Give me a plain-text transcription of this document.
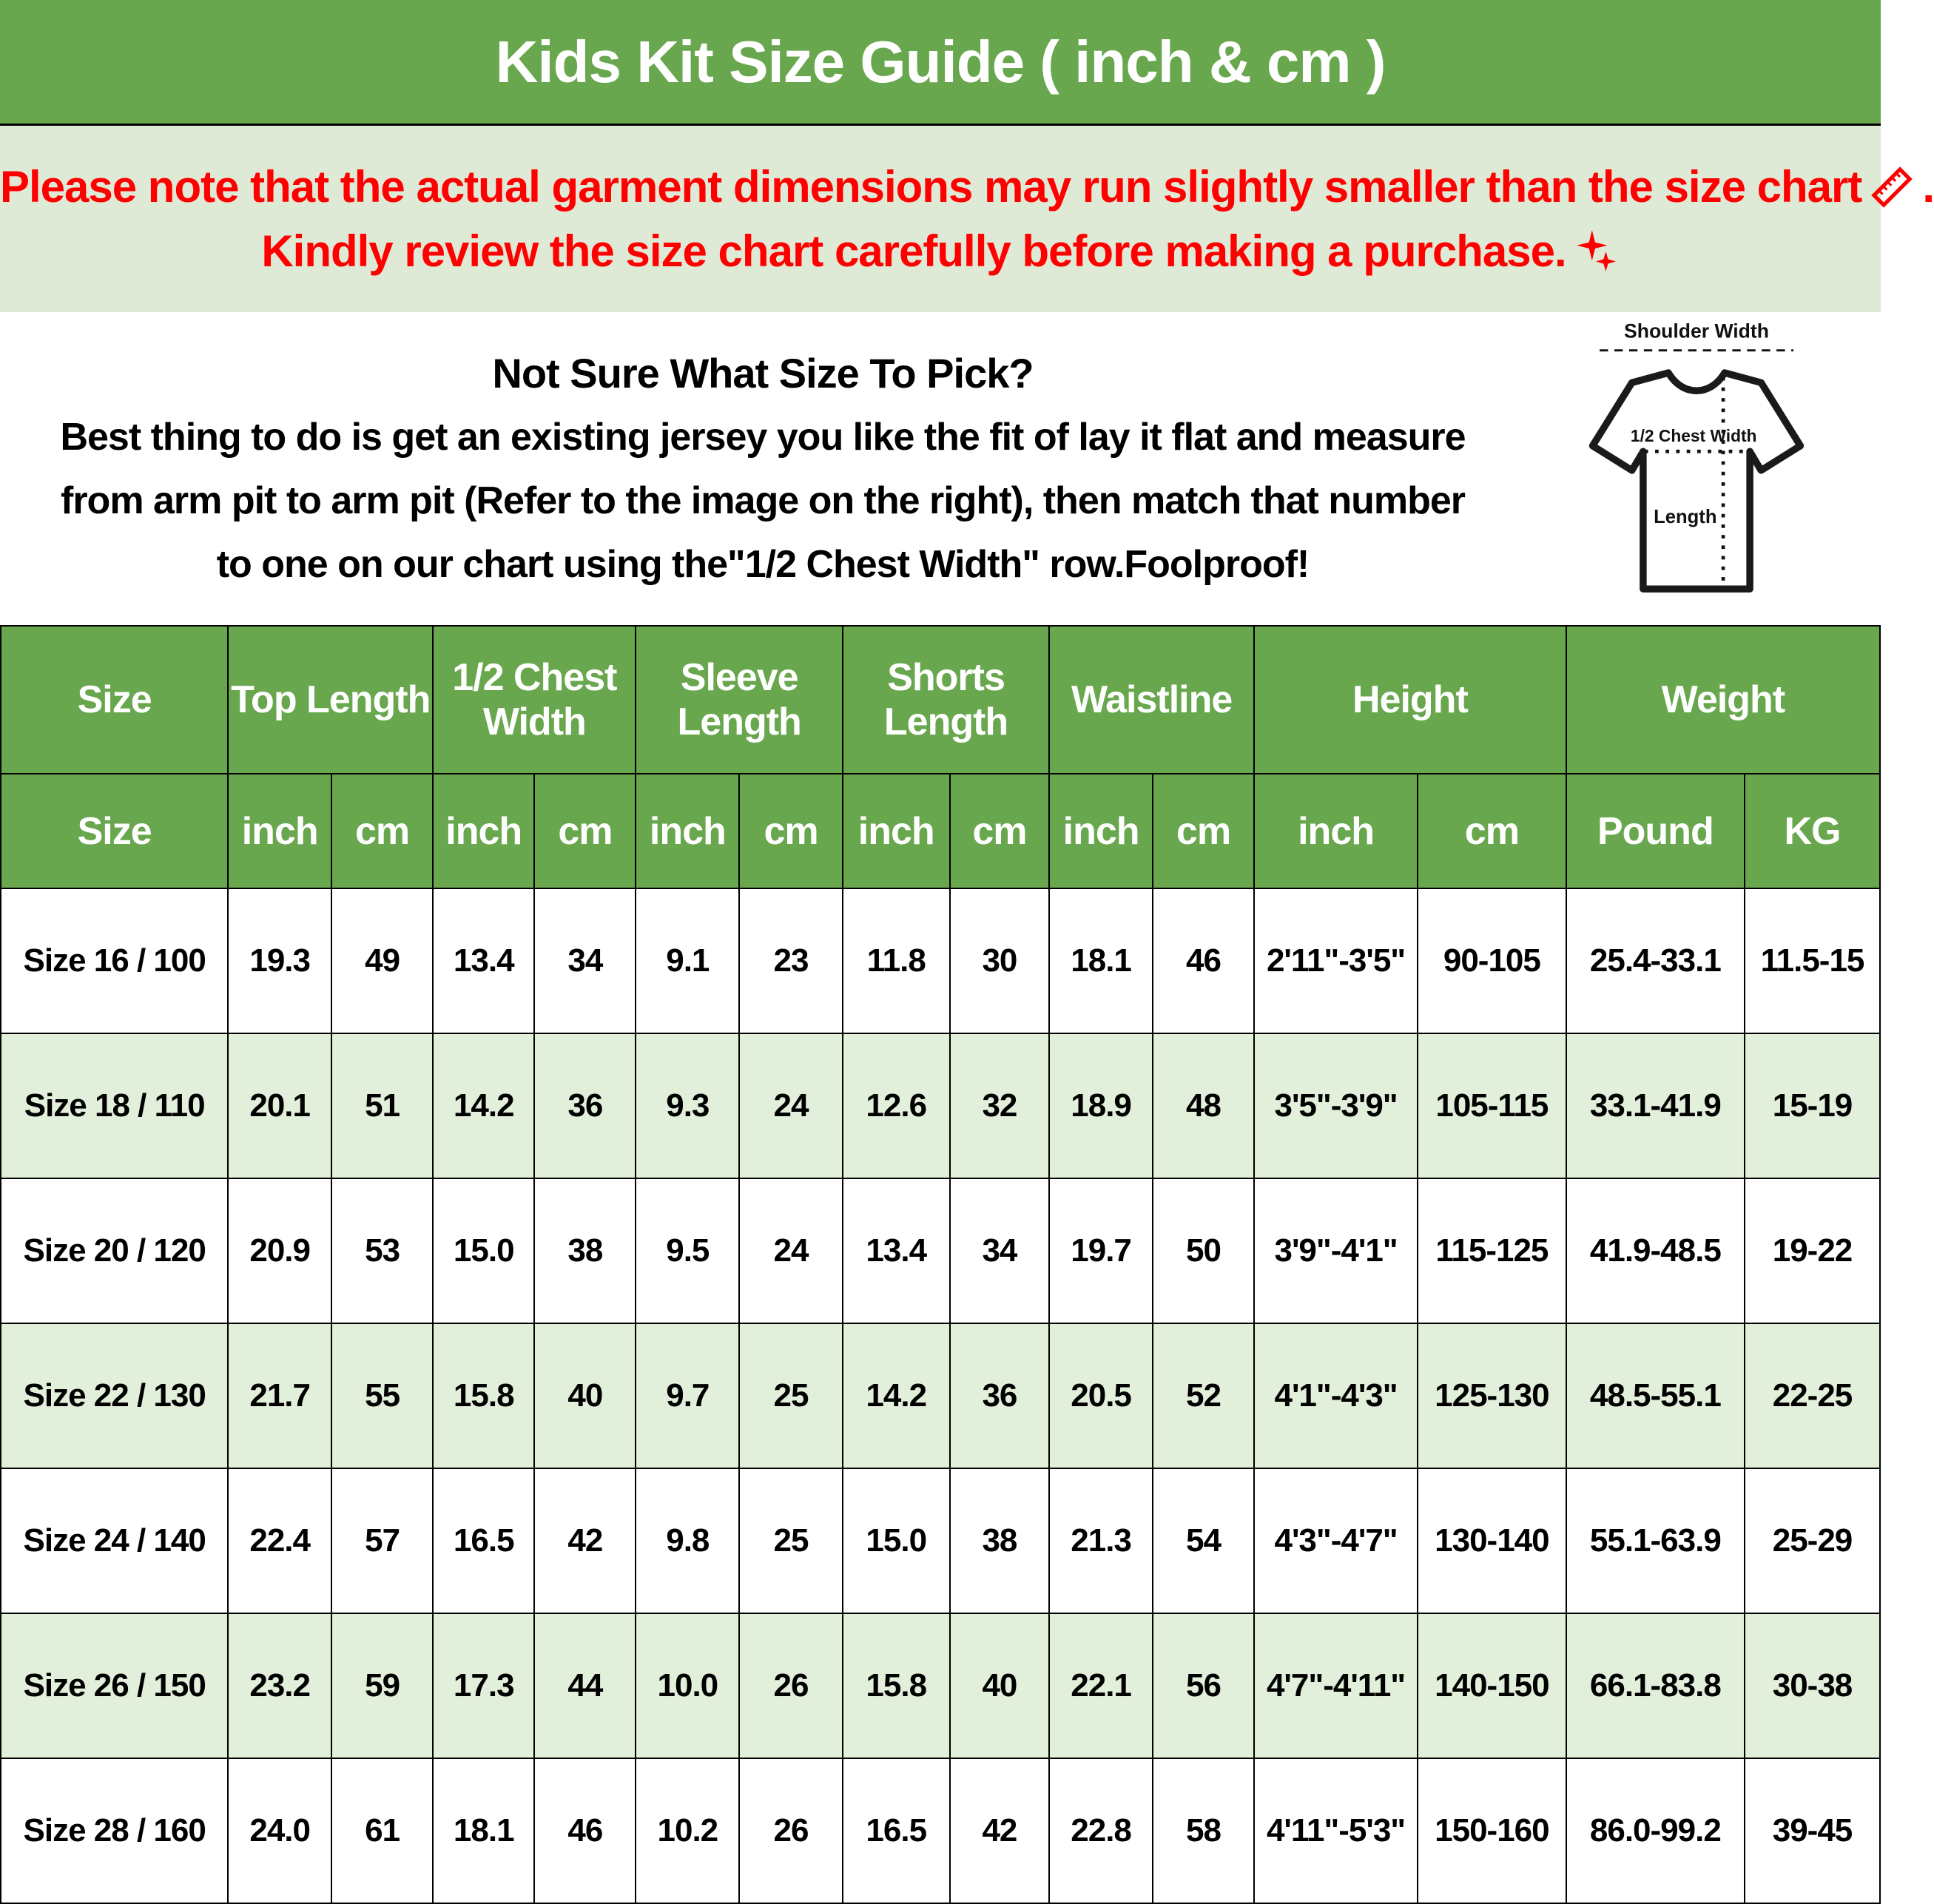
Kids Kit Size Guide ( inch & cm )

Please note that the actual garment dimensions may run slightly smaller than the size chart .

Kindly review the size chart carefully before making a purchase.

Not Sure What Size To Pick?

Best thing to do is get an existing jersey you like the fit of lay it flat and measure

from arm pit to arm pit (Refer to the image on the right), then match that number

to one on our chart using the"1/2 Chest Width" row.Foolproof!

Shoulder Width
1/2 Chest Width
Length
Size	Top Length		1/2 Chest Width		Sleeve Length		Shorts Length		Waistline		Height		Weight	
Size	inch	cm	inch	cm	inch	cm	inch	cm	inch	cm	inch	cm	Pound	KG
Size 16 / 100	19.3	49	13.4	34	9.1	23	11.8	30	18.1	46	2'11"-3'5"	90-105	25.4-33.1	11.5-15
Size 18 / 110	20.1	51	14.2	36	9.3	24	12.6	32	18.9	48	3'5"-3'9"	105-115	33.1-41.9	15-19
Size 20 / 120	20.9	53	15.0	38	9.5	24	13.4	34	19.7	50	3'9"-4'1"	115-125	41.9-48.5	19-22
Size 22 / 130	21.7	55	15.8	40	9.7	25	14.2	36	20.5	52	4'1"-4'3"	125-130	48.5-55.1	22-25
Size 24 / 140	22.4	57	16.5	42	9.8	25	15.0	38	21.3	54	4'3"-4'7"	130-140	55.1-63.9	25-29
Size 26 / 150	23.2	59	17.3	44	10.0	26	15.8	40	22.1	56	4'7"-4'11"	140-150	66.1-83.8	30-38
Size 28 / 160	24.0	61	18.1	46	10.2	26	16.5	42	22.8	58	4'11"-5'3"	150-160	86.0-99.2	39-45
